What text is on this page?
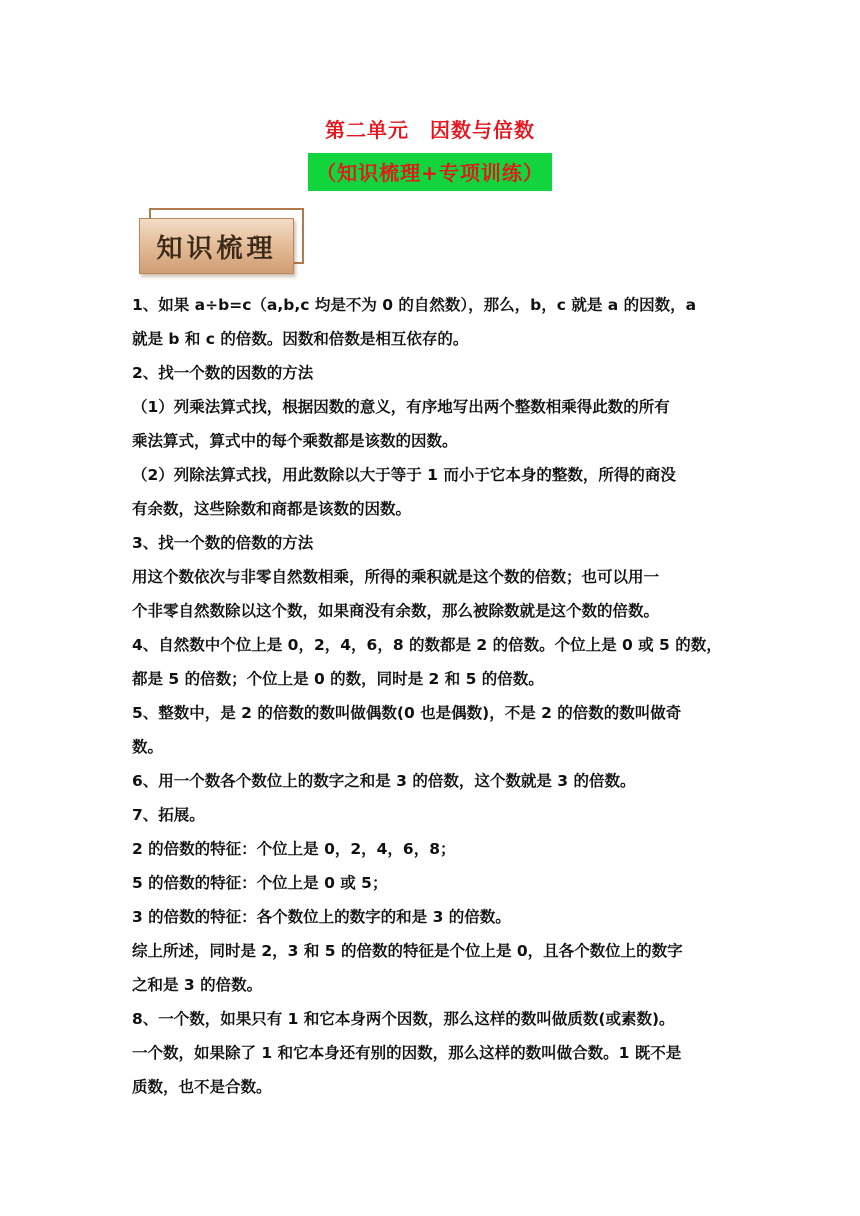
第二单元　因数与倍数
（知识梳理+专项训练）
知识梳理

1、如果 a÷b=c（a,b,c 均是不为 0 的自然数），那么，b，c 就是 a 的因数，a

就是 b 和 c 的倍数。因数和倍数是相互依存的。

2、找一个数的因数的方法

（1）列乘法算式找，根据因数的意义，有序地写出两个整数相乘得此数的所有

乘法算式，算式中的每个乘数都是该数的因数。

（2）列除法算式找，用此数除以大于等于 1 而小于它本身的整数，所得的商没

有余数，这些除数和商都是该数的因数。

3、找一个数的倍数的方法

用这个数依次与非零自然数相乘，所得的乘积就是这个数的倍数；也可以用一

个非零自然数除以这个数，如果商没有余数，那么被除数就是这个数的倍数。

4、自然数中个位上是 0，2，4，6，8 的数都是 2 的倍数。个位上是 0 或 5 的数，

都是 5 的倍数；个位上是 0 的数，同时是 2 和 5 的倍数。

5、整数中，是 2 的倍数的数叫做偶数(0 也是偶数)，不是 2 的倍数的数叫做奇

数。

6、用一个数各个数位上的数字之和是 3 的倍数，这个数就是 3 的倍数。

7、拓展。

2 的倍数的特征：个位上是 0，2，4，6，8；

5 的倍数的特征：个位上是 0 或 5；

3 的倍数的特征：各个数位上的数字的和是 3 的倍数。

综上所述，同时是 2，3 和 5 的倍数的特征是个位上是 0，且各个数位上的数字

之和是 3 的倍数。

8、一个数，如果只有 1 和它本身两个因数，那么这样的数叫做质数(或素数)。

一个数，如果除了 1 和它本身还有别的因数，那么这样的数叫做合数。1 既不是

质数，也不是合数。
